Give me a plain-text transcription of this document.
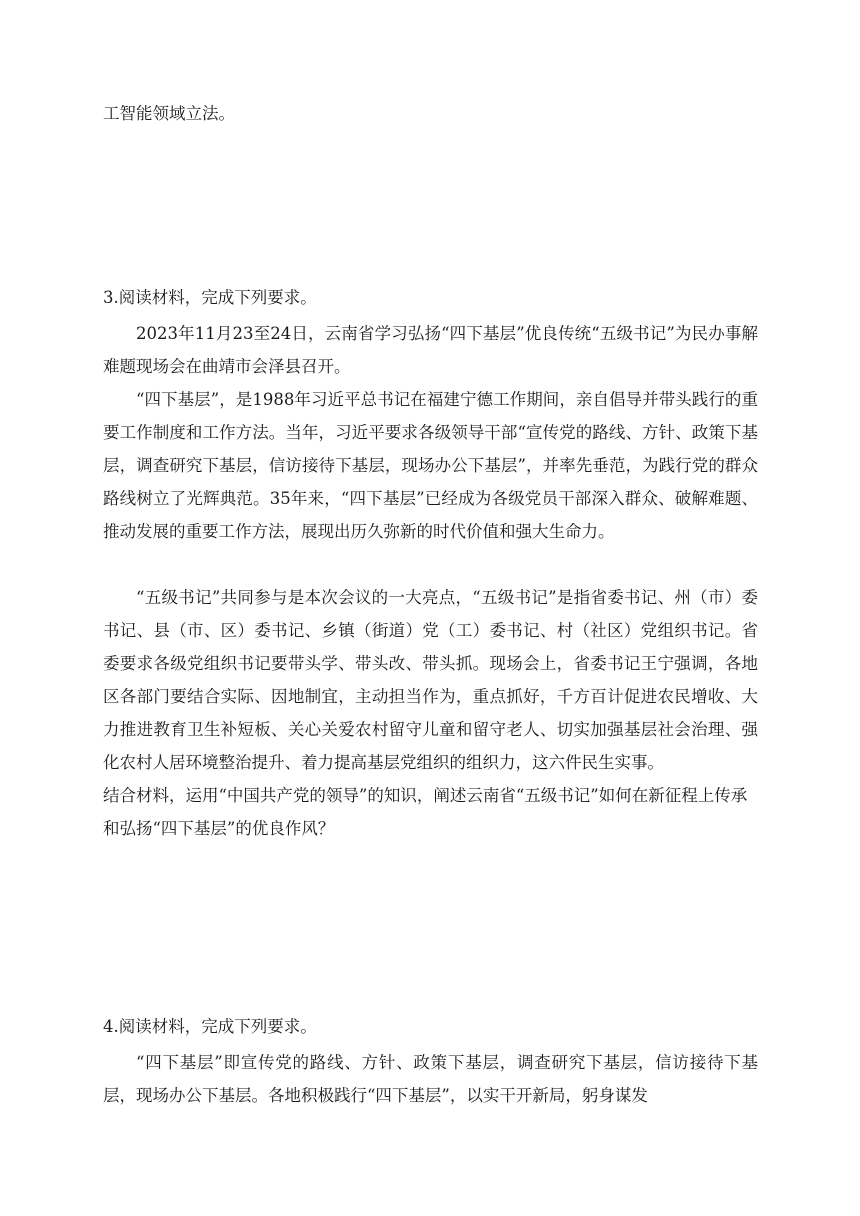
工智能领域立法。

3.阅读材料，完成下列要求。

2023年11月23至24日，云南省学习弘扬“四下基层”优良传统“五级书记”为民办事解难题现场会在曲靖市会泽县召开。

“四下基层”，是1988年习近平总书记在福建宁德工作期间，亲自倡导并带头践行的重要工作制度和工作方法。当年，习近平要求各级领导干部“宣传党的路线、方针、政策下基层，调查研究下基层，信访接待下基层，现场办公下基层”，并率先垂范，为践行党的群众路线树立了光辉典范。35年来，“四下基层”已经成为各级党员干部深入群众、破解难题、推动发展的重要工作方法，展现出历久弥新的时代价值和强大生命力。

“五级书记”共同参与是本次会议的一大亮点，“五级书记”是指省委书记、州（市）委书记、县（市、区）委书记、乡镇（街道）党（工）委书记、村（社区）党组织书记。省委要求各级党组织书记要带头学、带头改、带头抓。现场会上，省委书记王宁强调，各地区各部门要结合实际、因地制宜，主动担当作为，重点抓好，千方百计促进农民增收、大力推进教育卫生补短板、关心关爱农村留守儿童和留守老人、切实加强基层社会治理、强化农村人居环境整治提升、着力提高基层党组织的组织力，这六件民生实事。

结合材料，运用“中国共产党的领导”的知识，阐述云南省“五级书记”如何在新征程上传承和弘扬“四下基层”的优良作风？

4.阅读材料，完成下列要求。

“四下基层”即宣传党的路线、方针、政策下基层，调查研究下基层，信访接待下基层，现场办公下基层。各地积极践行“四下基层”，以实干开新局，躬身谋发
